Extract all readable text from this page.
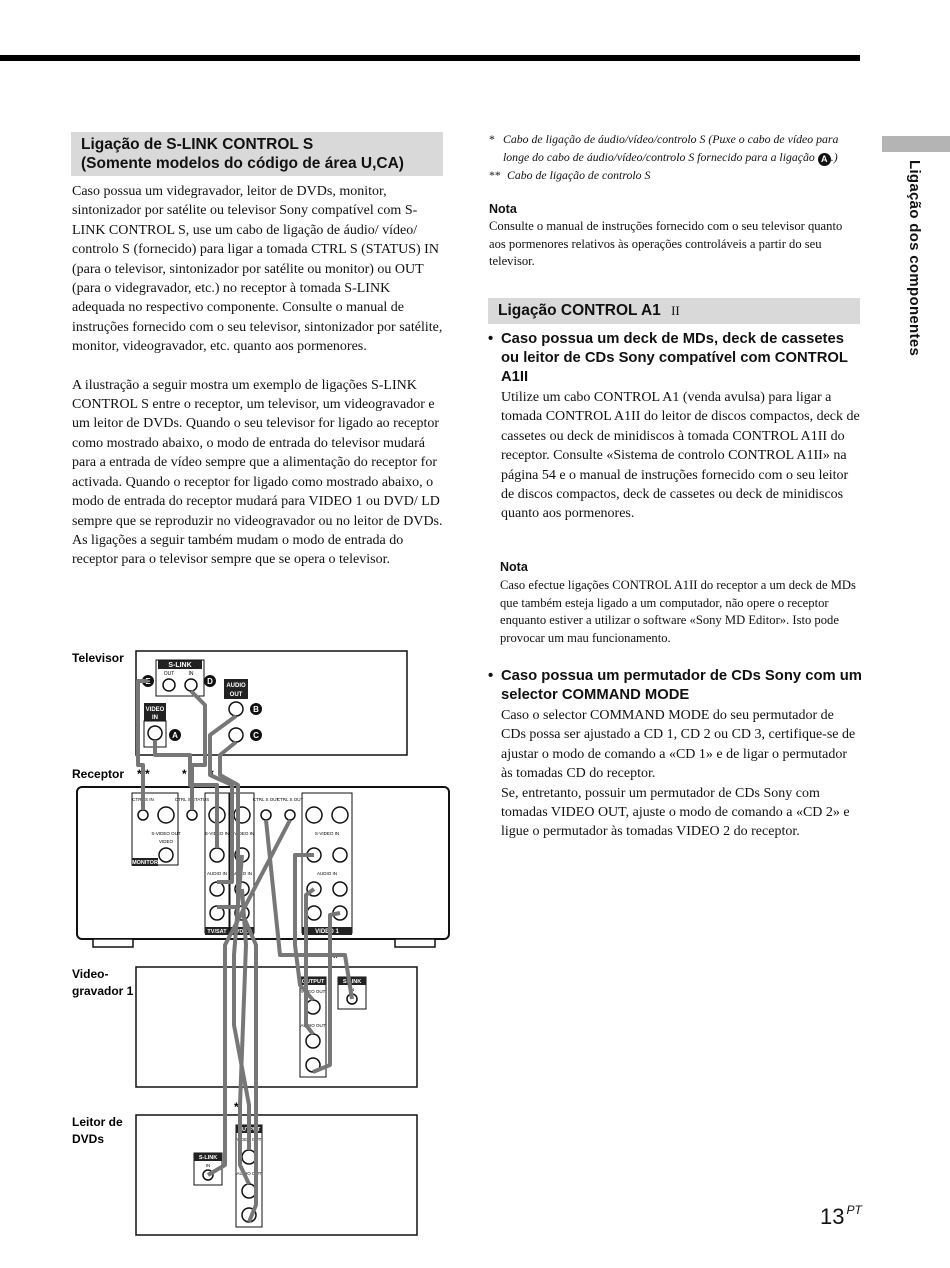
Ligação dos componentes
Ligação de S-LINK CONTROL S
(Somente modelos do código de área U,CA)

Caso possua um videgravador, leitor de DVDs, monitor, sintonizador por satélite ou televisor Sony compatível com S-LINK CONTROL S, use um cabo de ligação de áudio/ vídeo/ controlo S (fornecido) para ligar a tomada CTRL S (STATUS) IN (para o televisor, sintonizador por satélite ou monitor) ou OUT (para o videgravador, etc.) no receptor à tomada S-LINK adequada no respectivo componente. Consulte o manual de instruções fornecido com o seu televisor, sintonizador por satélite, monitor, videogravador, etc. quanto aos pormenores.

A ilustração a seguir mostra um exemplo de ligações S-LINK CONTROL S entre o receptor, um televisor, um videogravador e um leitor de DVDs. Quando o seu televisor for ligado ao receptor como mostrado abaixo, o modo de entrada do televisor mudará para a entrada de vídeo sempre que a alimentação do receptor for activada. Quando o receptor for ligado como mostrado abaixo, o modo de entrada do receptor mudará para VIDEO 1 ou DVD/ LD sempre que se reproduzir no videogravador ou no leitor de DVDs.

As ligações a seguir também mudam o modo de entrada do receptor para o televisor sempre que se opera o televisor.

Televisor
Receptor
Video-
gravador 1
Leitor de
DVDs
S-LINK
OUT	IN
E	D AUDIO
OUT
B
C
VIDEO
IN
A
* *	* *
*
*
CTRL S IN
S-VIDEO OUT
VIDEO
MONITOR
CTRL S STATUS
S-VIDEO IN
AUDIO IN
S-VIDEO IN
AUDIO IN
TV/SAT DVD/LD
CTRL S OUT
CTRL S OUT
S-VIDEO IN
AUDIO IN
VIDEO 1
OUTPUT
VIDEO OUT
AUDIO OUT
S-LINK
IN
OUTPUT
VIDEO OUT
AUDIO OUT
S-LINK
IN
* Cabo de ligação de áudio/vídeo/controlo S (Puxe o cabo de vídeo para longe do cabo de áudio/vídeo/controlo S fornecido para a ligação A .)
** Cabo de ligação de controlo S
Nota
Consulte o manual de instruções fornecido com o seu televisor quanto aos pormenores relativos às operações controláveis a partir do seu televisor.
Ligação CONTROL A1 II
• Caso possua um deck de MDs, deck de cassetes ou leitor de CDs Sony compatível com CONTROL A1II
Utilize um cabo CONTROL A1 (venda avulsa) para ligar a tomada CONTROL A1II do leitor de discos compactos, deck de cassetes ou deck de minidiscos à tomada CONTROL A1II do receptor. Consulte «Sistema de controlo CONTROL A1II» na página 54 e o manual de instruções fornecido com o seu leitor de discos compactos, deck de cassetes ou deck de minidiscos quanto aos pormenores.
Nota
Caso efectue ligações CONTROL A1II do receptor a um deck de MDs que também esteja ligado a um computador, não opere o receptor enquanto estiver a utilizar o software «Sony MD Editor». Isto pode provocar um mau funcionamento.
• Caso possua um permutador de CDs Sony com um selector COMMAND MODE
Caso o selector COMMAND MODE do seu permutador de CDs possa ser ajustado a CD 1, CD 2 ou CD 3, certifique-se de ajustar o modo de comando a «CD 1» e de ligar o permutador às tomadas CD do receptor.
Se, entretanto, possuir um permutador de CDs Sony com tomadas VIDEO OUT, ajuste o modo de comando a «CD 2» e ligue o permutador às tomadas VIDEO 2 do receptor.
13 $^{PT}$
